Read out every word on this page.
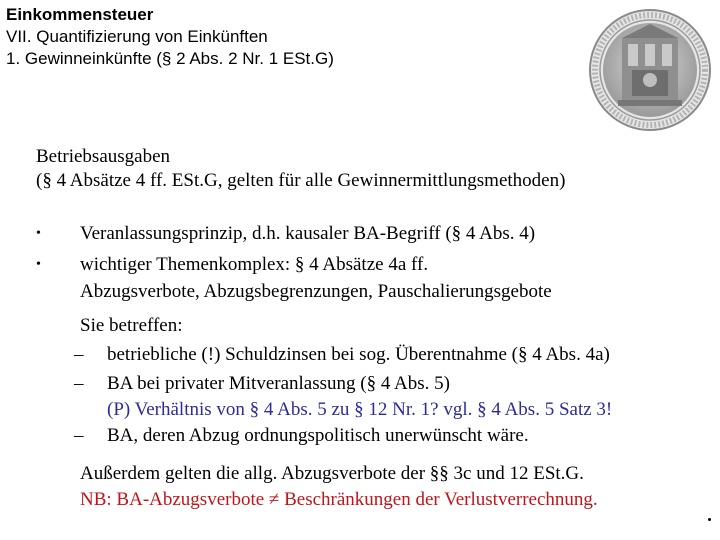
Einkommensteuer
VII. Quantifizierung von Einkünften
1. Gewinneinkünfte (§ 2 Abs. 2 Nr. 1 ESt.G)
Betriebsausgaben
(§ 4 Absätze 4 ff. ESt.G, gelten für alle Gewinnermittlungsmethoden)
• Veranlassungsprinzip, d.h. kausaler BA-Begriff (§ 4 Abs. 4)
• wichtiger Themenkomplex: § 4 Absätze 4a ff.
Abzugsverbote, Abzugsbegrenzungen, Pauschalierungsgebote
Sie betreffen:
– betriebliche (!) Schuldzinsen bei sog. Überentnahme (§ 4 Abs. 4a)
– BA bei privater Mitveranlassung (§ 4 Abs. 5)
(P) Verhältnis von § 4 Abs. 5 zu § 12 Nr. 1? vgl. § 4 Abs. 5 Satz 3!
– BA, deren Abzug ordnungspolitisch unerwünscht wäre.
Außerdem gelten die allg. Abzugsverbote der §§ 3c und 12 ESt.G.
NB: BA-Abzugsverbote ≠ Beschränkungen der Verlustverrechnung.
